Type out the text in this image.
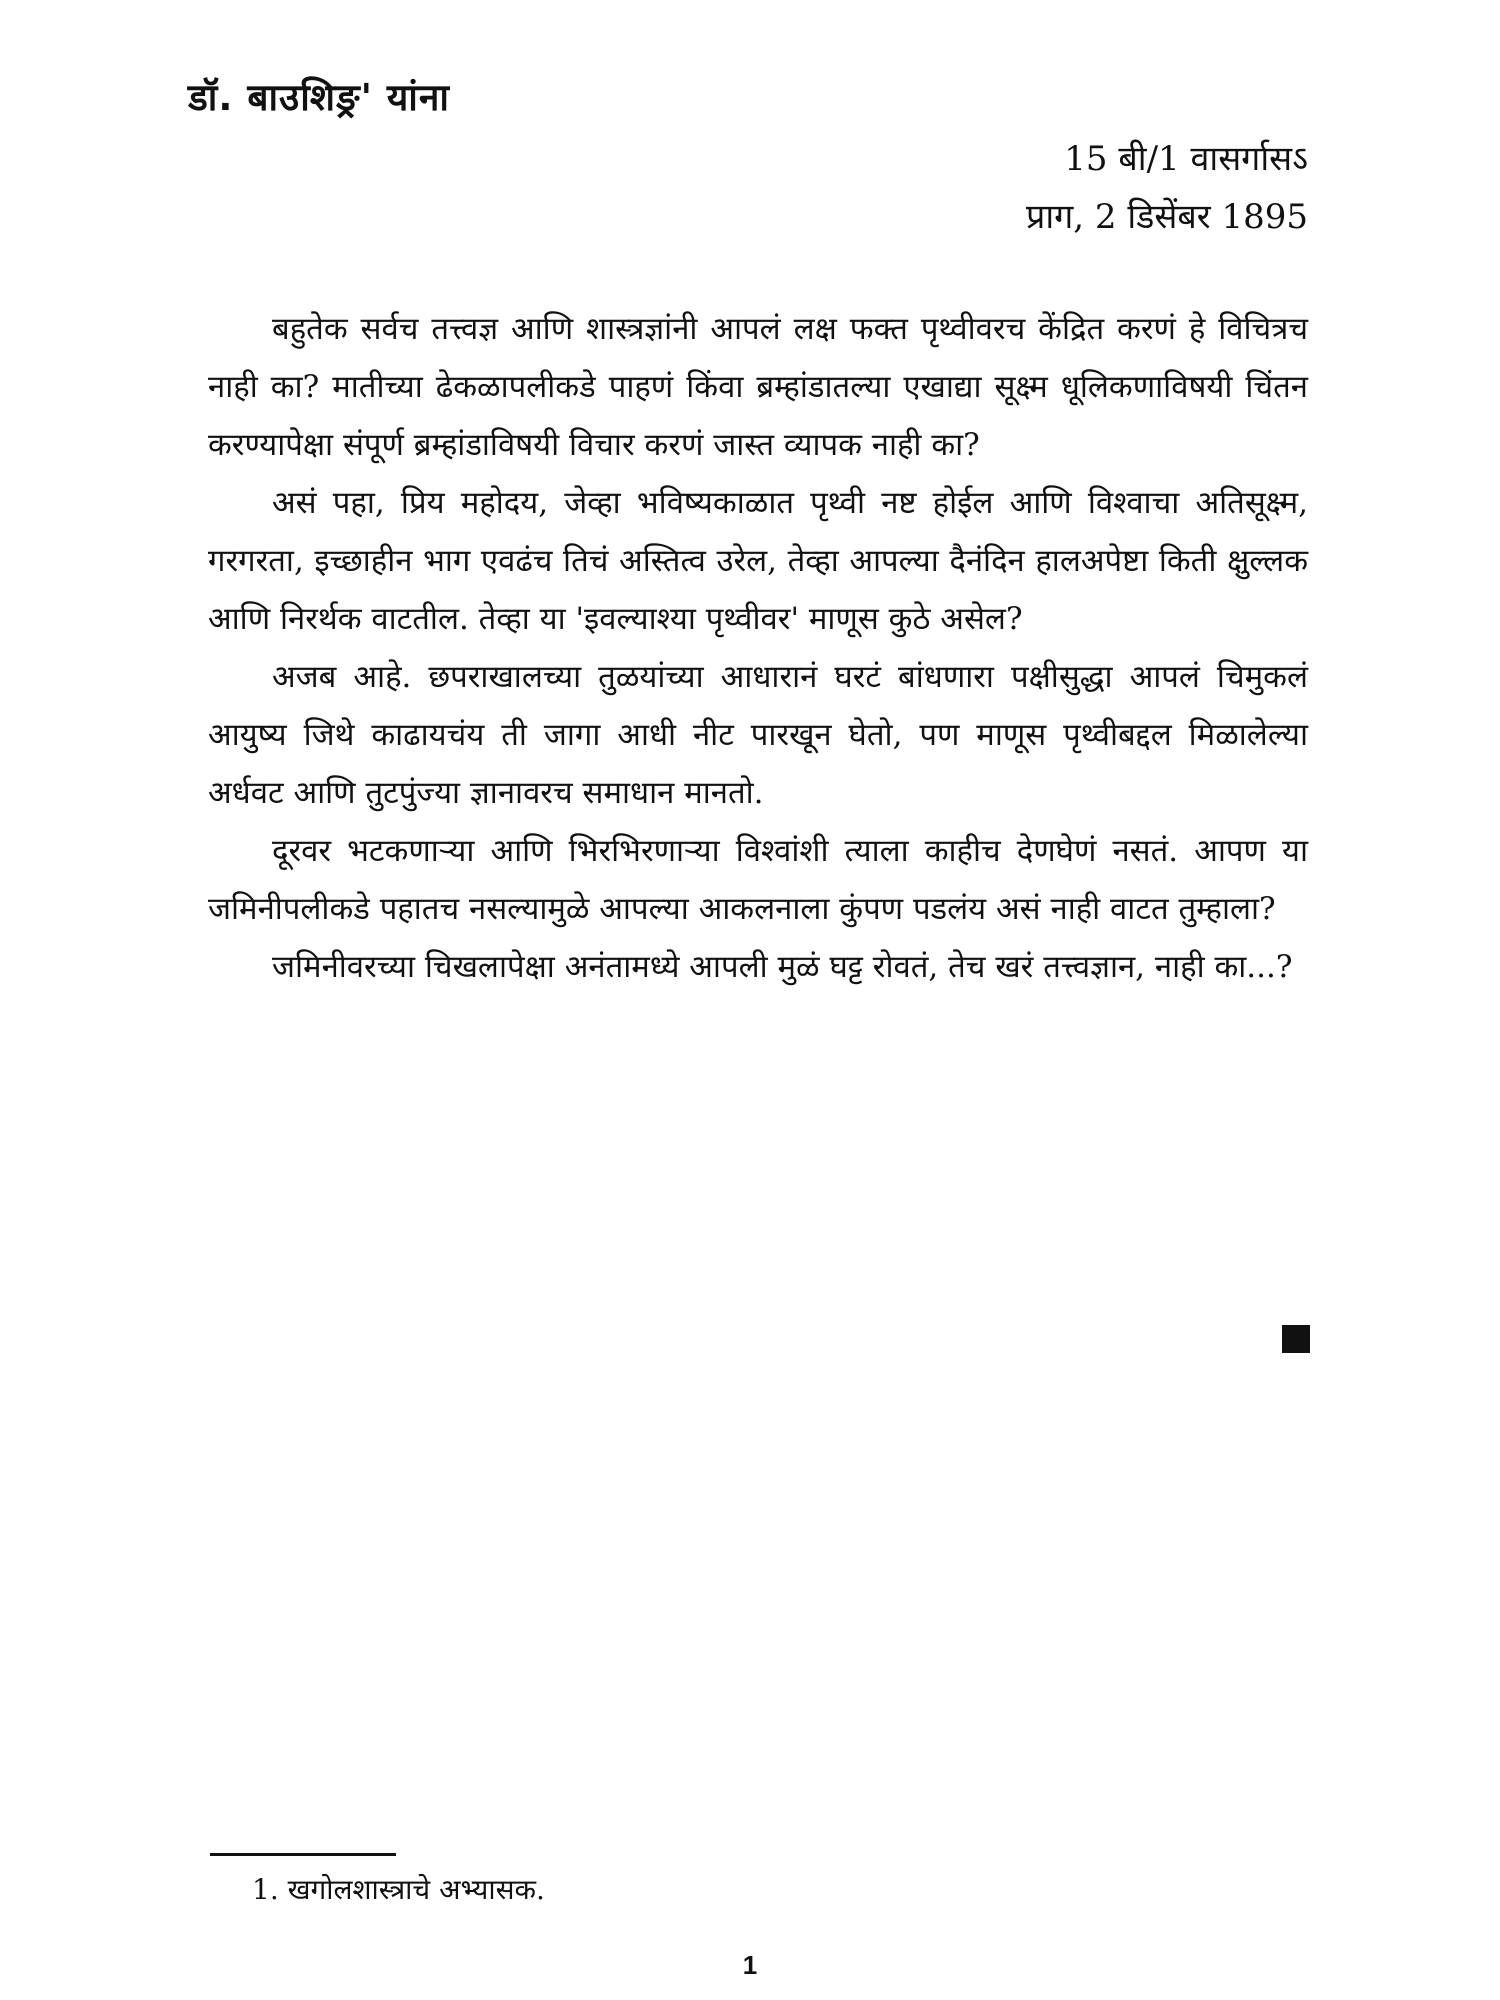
डॉ. बाउशिङ्र' यांना
15 बी/1 वासर्गासऽ
प्राग, 2 डिसेंबर 1895

बहुतेक सर्वच तत्त्वज्ञ आणि शास्त्रज्ञांनी आपलं लक्ष फक्त पृथ्वीवरच केंद्रित करणं हे विचित्रच नाही का? मातीच्या ढेकळापलीकडे पाहणं किंवा ब्रम्हांडातल्या एखाद्या सूक्ष्म धूलिकणाविषयी चिंतन करण्यापेक्षा संपूर्ण ब्रम्हांडाविषयी विचार करणं जास्त व्यापक नाही का?

असं पहा, प्रिय महोदय, जेव्हा भविष्यकाळात पृथ्वी नष्ट होईल आणि विश्वाचा अतिसूक्ष्म, गरगरता, इच्छाहीन भाग एवढंच तिचं अस्तित्व उरेल, तेव्हा आपल्या दैनंदिन हालअपेष्टा किती क्षुल्लक आणि निरर्थक वाटतील. तेव्हा या 'इवल्याश्या पृथ्वीवर' माणूस कुठे असेल?

अजब आहे. छपराखालच्या तुळयांच्या आधारानं घरटं बांधणारा पक्षीसुद्धा आपलं चिमुकलं आयुष्य जिथे काढायचंय ती जागा आधी नीट पारखून घेतो, पण माणूस पृथ्वीबद्दल मिळालेल्या अर्धवट आणि तुटपुंज्या ज्ञानावरच समाधान मानतो.

दूरवर भटकणाऱ्या आणि भिरभिरणाऱ्या विश्वांशी त्याला काहीच देणघेणं नसतं. आपण या जमिनीपलीकडे पहातच नसल्यामुळे आपल्या आकलनाला कुंपण पडलंय असं नाही वाटत तुम्हाला?

जमिनीवरच्या चिखलापेक्षा अनंतामध्ये आपली मुळं घट्ट रोवतं, तेच खरं तत्त्वज्ञान, नाही का...?

1. खगोलशास्त्राचे अभ्यासक.
1
